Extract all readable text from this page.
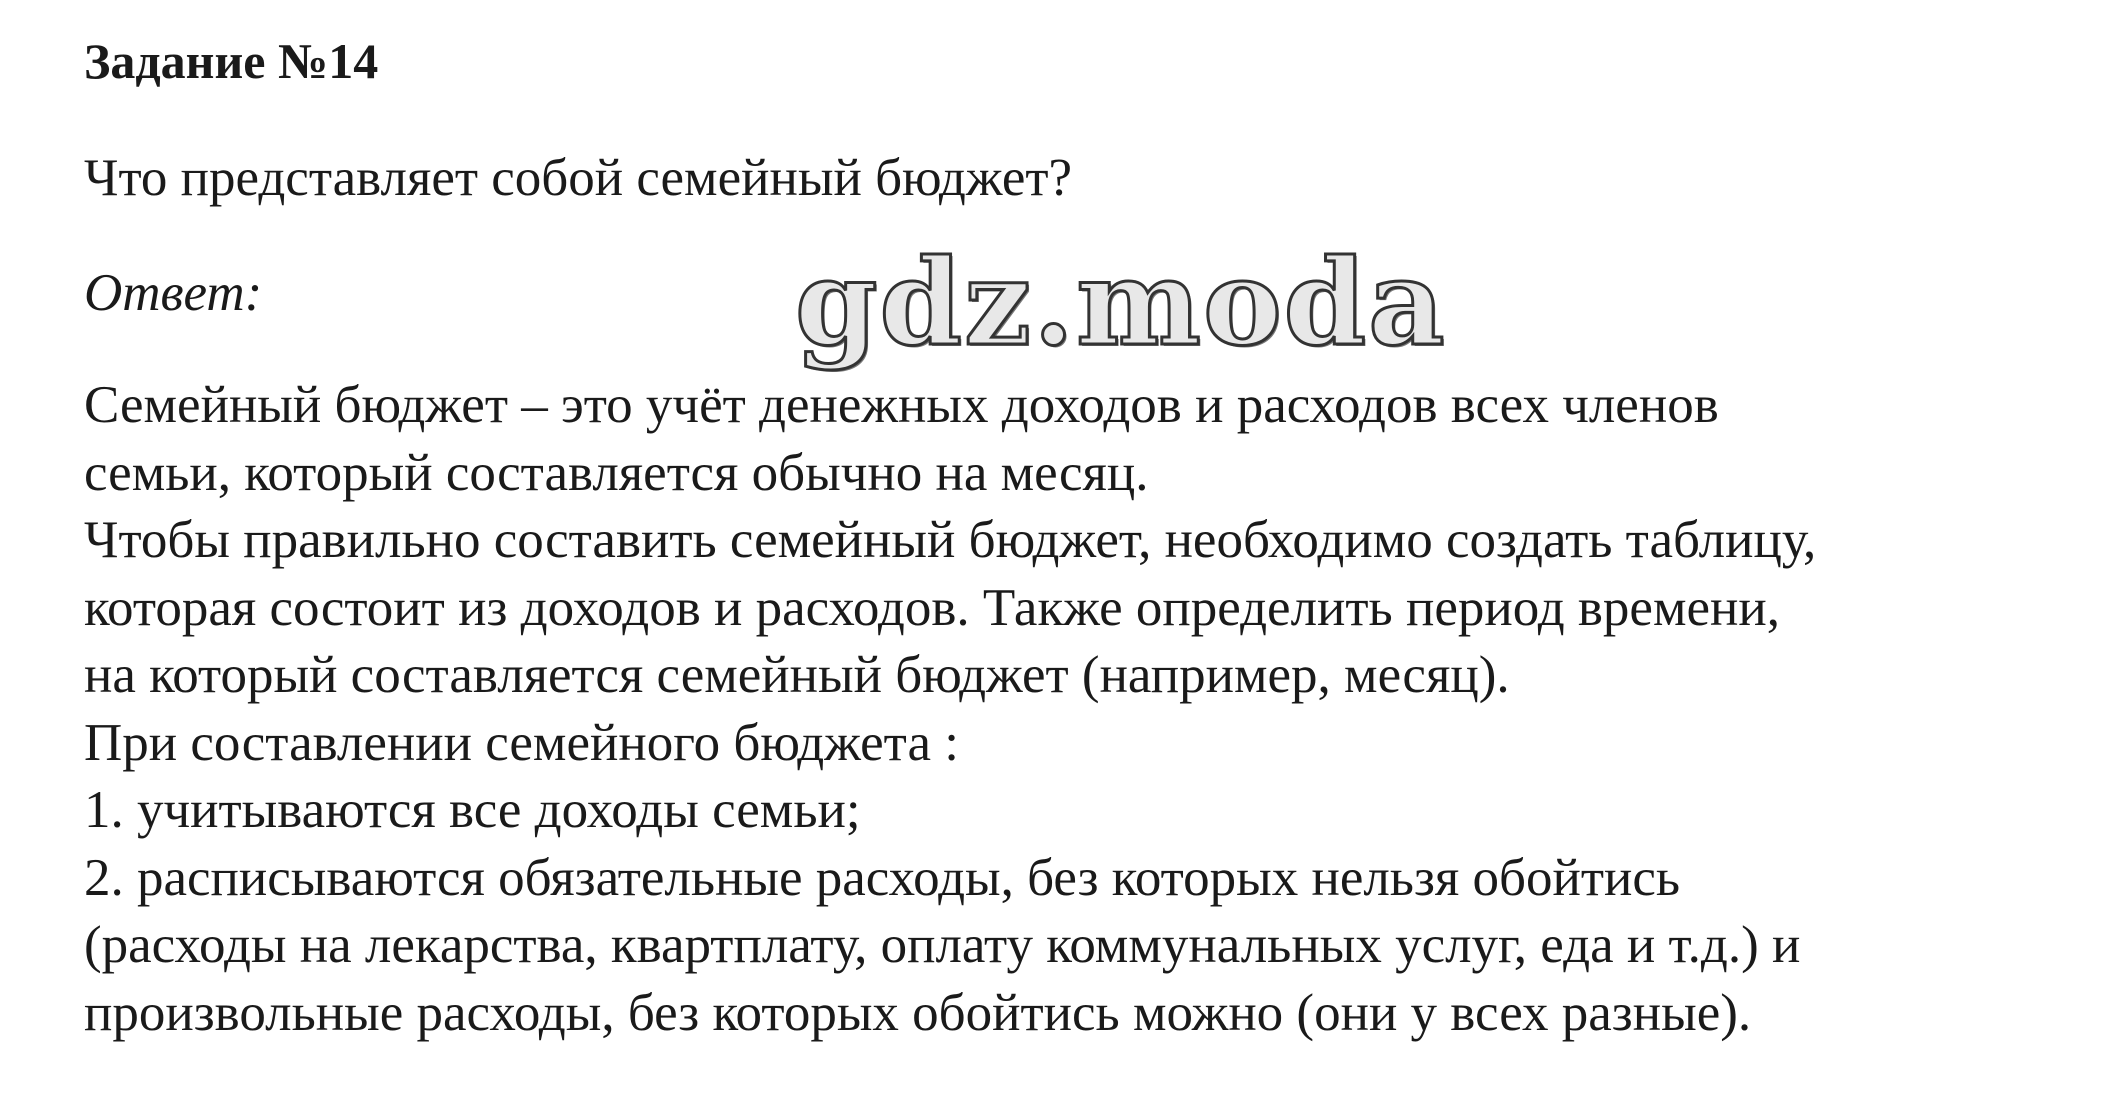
Задание №14

Что представляет собой семейный бюджет?

Ответ:	gdz.moda
Семейный бюджет – это учёт денежных доходов и расходов всех членов
семьи, который составляется обычно на месяц.
Чтобы правильно составить семейный бюджет, необходимо создать таблицу,
которая состоит из доходов и расходов. Также определить период времени,
на который составляется семейный бюджет (например, месяц).
При составлении семейного бюджета :
1. учитываются все доходы семьи;
2. расписываются обязательные расходы, без которых нельзя обойтись
(расходы на лекарства, квартплату, оплату коммунальных услуг, еда и т.д.) и
произвольные расходы, без которых обойтись можно (они у всех разные).
